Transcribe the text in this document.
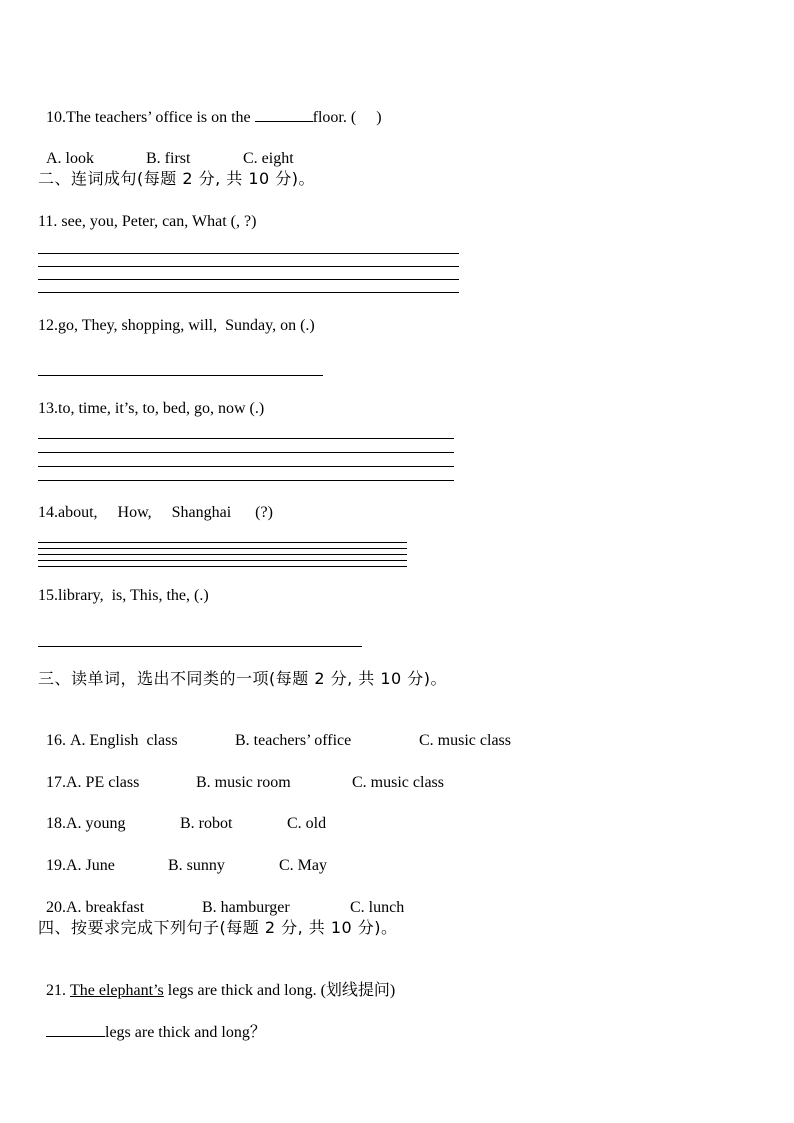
10.The teachers’ office is on the	floor. ( )

A. look	B. first	C. eight

二、连词成句(每题 2 分, 共 10 分)。
11. see, you, Peter, can, What (, ?)
12.go, They, shopping, will,  Sunday, on (.)
13.to, time, it’s, to, bed, go, now (.)
14.about,     How,     Shanghai      (?)
15.library,  is, This, the, (.)
三、读单词，选出不同类的一项(每题 2 分, 共 10 分)。

16. A. English  class	B. teachers’ office	C. music class

17.A. PE class	B. music room	C. music class

18.A. young	B. robot	C. old

19.A. June	B. sunny	C. May

20.A. breakfast	B. hamburger	C. lunch

四、按要求完成下列句子(每题 2 分, 共 10 分)。

21. The elephant’s legs are thick and long. (划线提问)

legs are thick and long？
